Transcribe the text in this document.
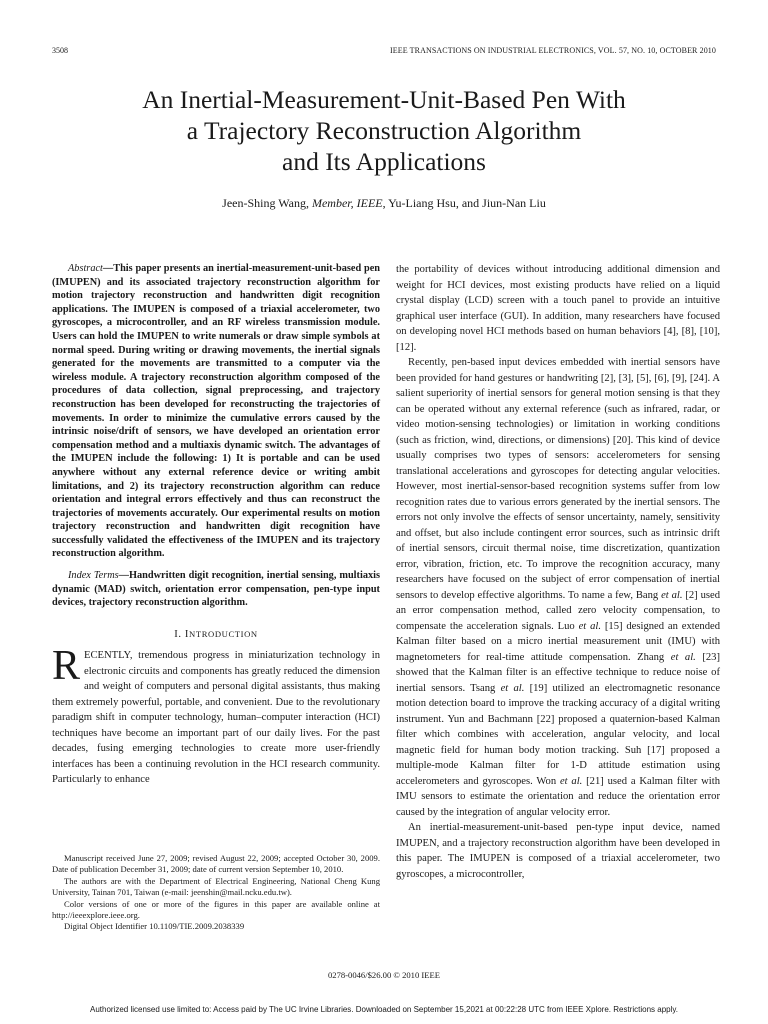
3508	IEEE TRANSACTIONS ON INDUSTRIAL ELECTRONICS, VOL. 57, NO. 10, OCTOBER 2010
An Inertial-Measurement-Unit-Based Pen With
a Trajectory Reconstruction Algorithm
and Its Applications
Jeen-Shing Wang, Member, IEEE, Yu-Liang Hsu, and Jiun-Nan Liu

Abstract—This paper presents an inertial-measurement-unit-based pen (IMUPEN) and its associated trajectory reconstruction algorithm for motion trajectory reconstruction and handwritten digit recognition applications. The IMUPEN is composed of a triaxial accelerometer, two gyroscopes, a microcontroller, and an RF wireless transmission module. Users can hold the IMUPEN to write numerals or draw simple symbols at normal speed. During writing or drawing movements, the inertial signals generated for the movements are transmitted to a computer via the wireless module. A trajectory reconstruction algorithm composed of the procedures of data collection, signal preprocessing, and trajectory reconstruction has been developed for reconstructing the trajectories of movements. In order to minimize the cumulative errors caused by the intrinsic noise/drift of sensors, we have developed an orientation error compensation method and a multiaxis dynamic switch. The advantages of the IMUPEN include the following: 1) It is portable and can be used anywhere without any external reference device or writing ambit limitations, and 2) its trajectory reconstruction algorithm can reduce orientation and integral errors effectively and thus can reconstruct the trajectories of movements accurately. Our experimental results on motion trajectory reconstruction and handwritten digit recognition have successfully validated the effectiveness of the IMUPEN and its trajectory reconstruction algorithm.

Index Terms—Handwritten digit recognition, inertial sensing, multiaxis dynamic (MAD) switch, orientation error compensation, pen-type input devices, trajectory reconstruction algorithm.

I. INTRODUCTION

RECENTLY, tremendous progress in miniaturization technology in electronic circuits and components has greatly reduced the dimension and weight of computers and personal digital assistants, thus making them extremely powerful, portable, and convenient. Due to the revolutionary paradigm shift in computer technology, human–computer interaction (HCI) techniques have become an important part of our daily lives. For the past decades, fusing emerging technologies to create more user-friendly interfaces has been a continuing revolution in the HCI research community. Particularly to enhance

Manuscript received June 27, 2009; revised August 22, 2009; accepted October 30, 2009. Date of publication December 31, 2009; date of current version September 10, 2010.

The authors are with the Department of Electrical Engineering, National Cheng Kung University, Tainan 701, Taiwan (e-mail: jeenshin@mail.ncku.edu.tw).

Color versions of one or more of the figures in this paper are available online at http://ieeexplore.ieee.org.

Digital Object Identifier 10.1109/TIE.2009.2038339

the portability of devices without introducing additional dimension and weight for HCI devices, most existing products have relied on a liquid crystal display (LCD) screen with a touch panel to provide an intuitive graphical user interface (GUI). In addition, many researchers have focused on developing novel HCI methods based on human behaviors [4], [8], [10], [12].

Recently, pen-based input devices embedded with inertial sensors have been provided for hand gestures or handwriting [2], [3], [5], [6], [9], [24]. A salient superiority of inertial sensors for general motion sensing is that they can be operated without any external reference (such as infrared, radar, or video motion-sensing technologies) or limitation in working conditions (such as friction, wind, directions, or dimensions) [20]. This kind of device usually comprises two types of sensors: accelerometers for sensing translational accelerations and gyroscopes for detecting angular velocities. However, most inertial-sensor-based recognition systems suffer from low recognition rates due to various errors generated by the inertial sensors. The errors not only involve the effects of sensor uncertainty, namely, sensitivity and offset, but also include contingent error sources, such as intrinsic drift of inertial sensors, circuit thermal noise, time discretization, quantization error, vibration, friction, etc. To improve the recognition accuracy, many researchers have focused on the subject of error compensation of inertial sensors to develop effective algorithms. To name a few, Bang et al. [2] used an error compensation method, called zero velocity compensation, to compensate the acceleration signals. Luo et al. [15] designed an extended Kalman filter based on a micro inertial measurement unit (IMU) with magnetometers for real-time attitude compensation. Zhang et al. [23] showed that the Kalman filter is an effective technique to reduce noise of inertial sensors. Tsang et al. [19] utilized an electromagnetic resonance motion detection board to improve the tracking accuracy of a digital writing instrument. Yun and Bachmann [22] proposed a quaternion-based Kalman filter which combines with acceleration, angular velocity, and local magnetic field for human body motion tracking. Suh [17] proposed a multiple-mode Kalman filter for 1-D attitude estimation using accelerometers and gyroscopes. Won et al. [21] used a Kalman filter with IMU sensors to estimate the orientation and reduce the orientation error caused by the integration of angular velocity error.

An inertial-measurement-unit-based pen-type input device, named IMUPEN, and a trajectory reconstruction algorithm have been developed in this paper. The IMUPEN is composed of a triaxial accelerometer, two gyroscopes, a microcontroller,

0278-0046/$26.00 © 2010 IEEE
Authorized licensed use limited to: Access paid by The UC Irvine Libraries. Downloaded on September 15,2021 at 00:22:28 UTC from IEEE Xplore. Restrictions apply.
